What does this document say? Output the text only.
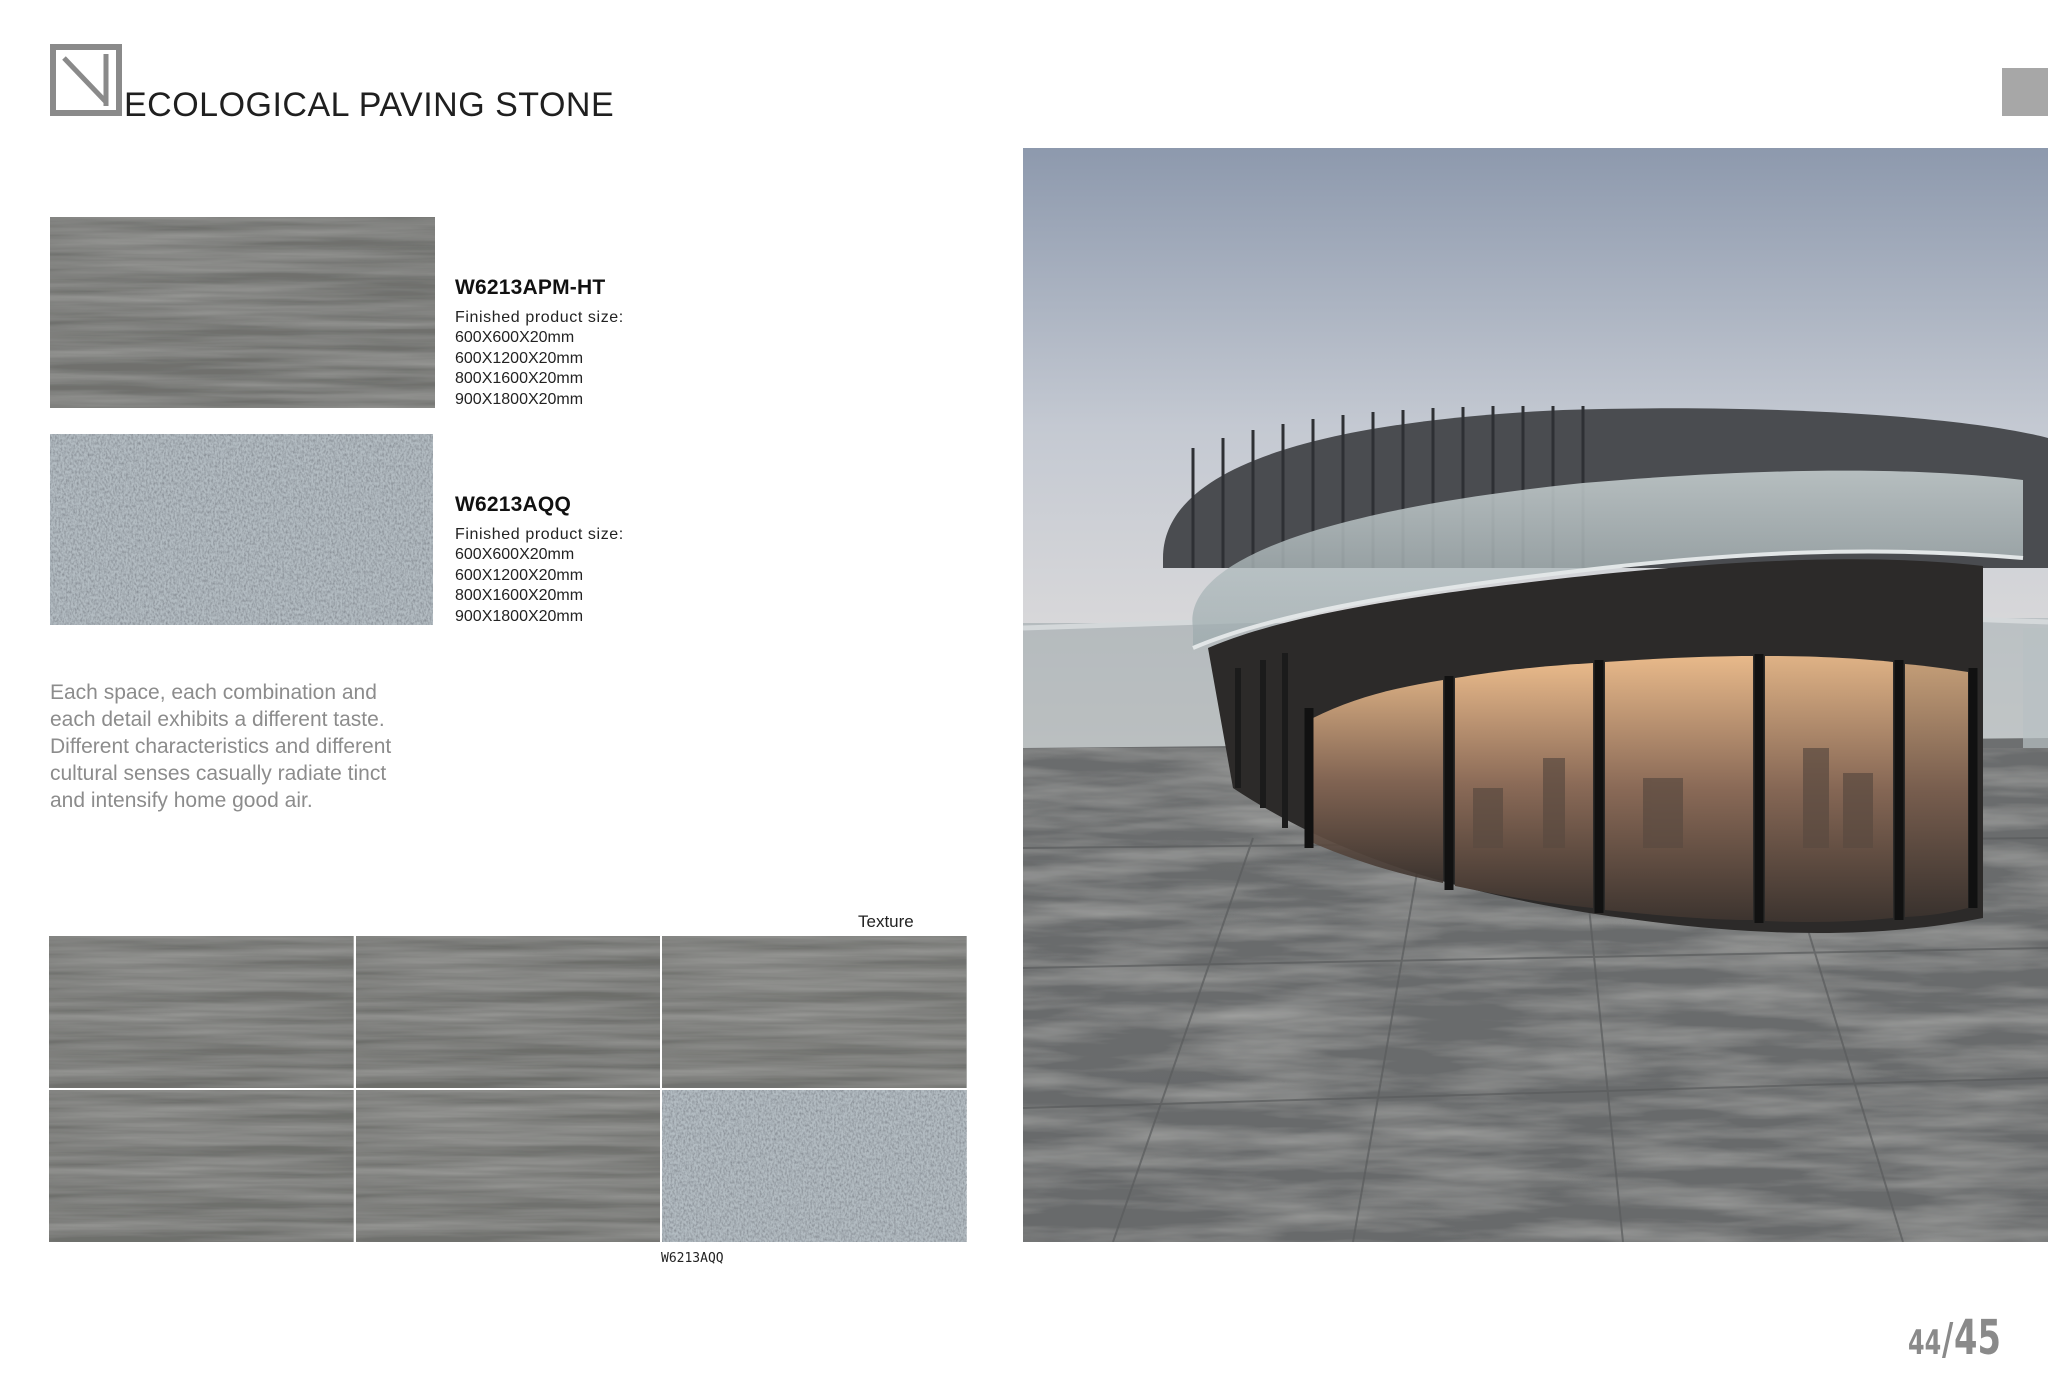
ECOLOGICAL PAVING STONE
W6213APM-HT
Finished product size:
600X600X20mm
600X1200X20mm
800X1600X20mm
900X1800X20mm
W6213AQQ
Finished product size:
600X600X20mm
600X1200X20mm
800X1600X20mm
900X1800X20mm
Each space, each combination and
each detail exhibits a different taste.
Different characteristics and different
cultural senses casually radiate tinct
and intensify home good air.
Texture
W6213AQQ
44/45
